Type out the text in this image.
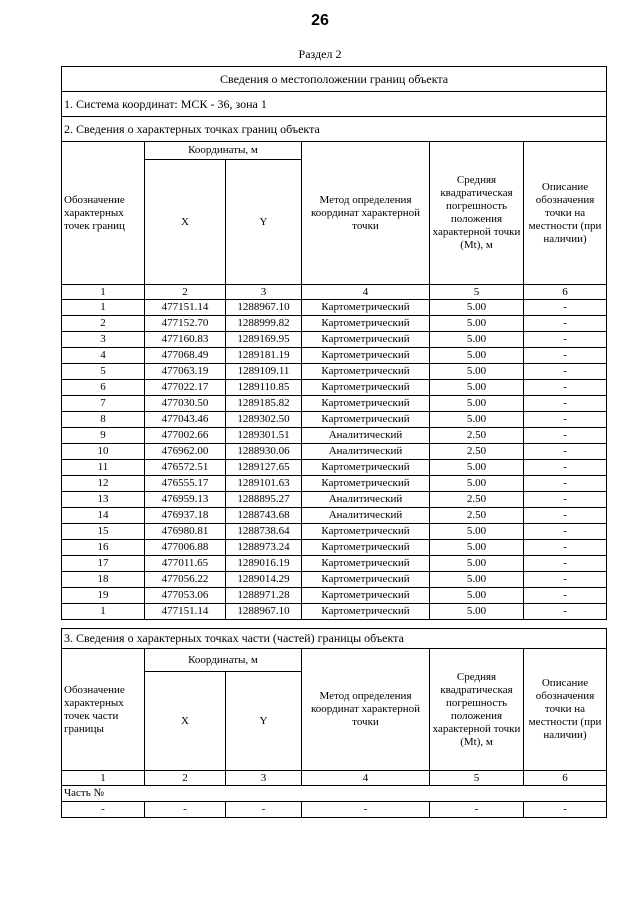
26
Раздел 2
Сведения о местоположении границ объекта					
1. Система координат: МСК - 36, зона 1					
2. Сведения о характерных точках границ объекта					
Обозначение характерных точек границ	Координаты, м		Метод определения координат характерной точки	Средняя квадратическая погрешность положения характерной точки (Mt), м	Описание обозначения точки на местности (при наличии)
	X	Y			
1	2	3	4	5	6
1	477151.14	1288967.10	Картометрический	5.00	-
2	477152.70	1288999.82	Картометрический	5.00	-
3	477160.83	1289169.95	Картометрический	5.00	-
4	477068.49	1289181.19	Картометрический	5.00	-
5	477063.19	1289109.11	Картометрический	5.00	-
6	477022.17	1289110.85	Картометрический	5.00	-
7	477030.50	1289185.82	Картометрический	5.00	-
8	477043.46	1289302.50	Картометрический	5.00	-
9	477002.66	1289301.51	Аналитический	2.50	-
10	476962.00	1288930.06	Аналитический	2.50	-
11	476572.51	1289127.65	Картометрический	5.00	-
12	476555.17	1289101.63	Картометрический	5.00	-
13	476959.13	1288895.27	Аналитический	2.50	-
14	476937.18	1288743.68	Аналитический	2.50	-
15	476980.81	1288738.64	Картометрический	5.00	-
16	477006.88	1288973.24	Картометрический	5.00	-
17	477011.65	1289016.19	Картометрический	5.00	-
18	477056.22	1289014.29	Картометрический	5.00	-
19	477053.06	1288971.28	Картометрический	5.00	-
1	477151.14	1288967.10	Картометрический	5.00	-
3. Сведения о характерных точках части (частей) границы объекта					
Обозначение характерных точек части границы	Координаты, м		Метод определения координат характерной точки	Средняя квадратическая погрешность положения характерной точки (Mt), м	Описание обозначения точки на местности (при наличии)
	X	Y			
1	2	3	4	5	6
Часть №					
-	-	-	-	-	-
